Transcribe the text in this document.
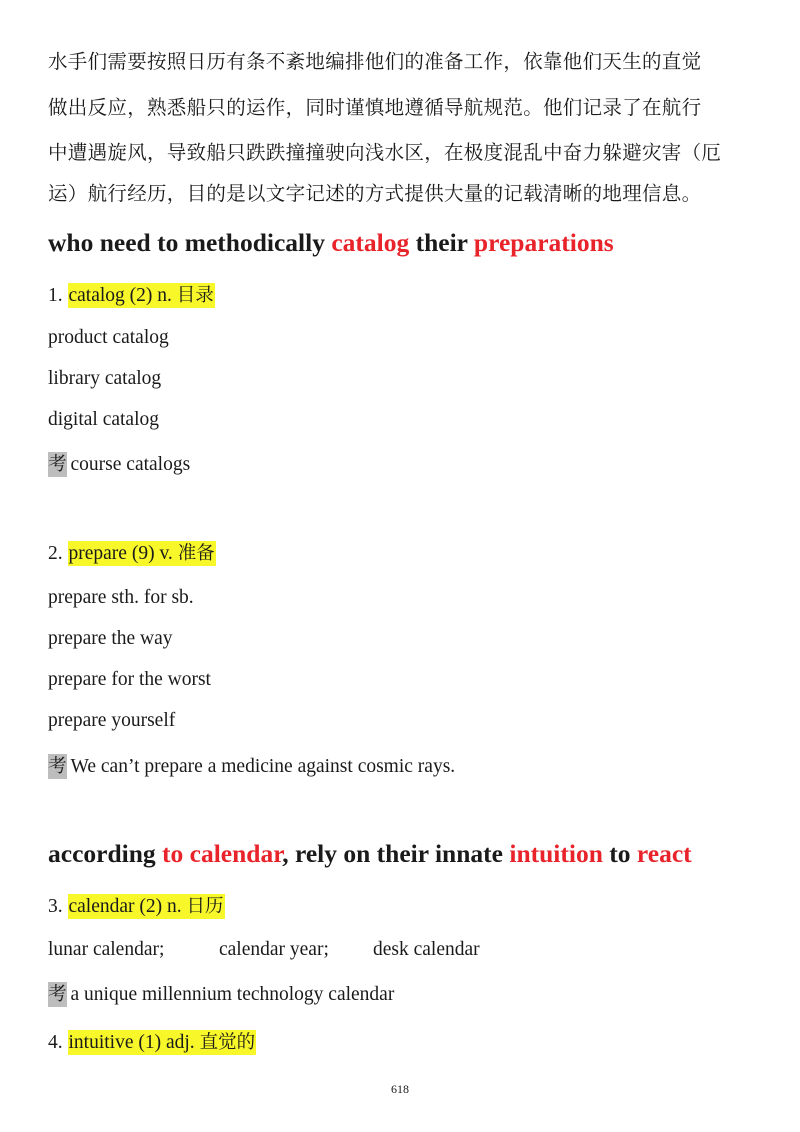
水手们需要按照日历有条不紊地编排他们的准备工作，依靠他们天生的直觉
做出反应，熟悉船只的运作，同时谨慎地遵循导航规范。他们记录了在航行
中遭遇旋风，导致船只跌跌撞撞驶向浅水区，在极度混乱中奋力躲避灾害（厄
运）航行经历，目的是以文字记述的方式提供大量的记载清晰的地理信息。
who need to methodically catalog their preparations
1. catalog (2) n. 目录
product catalog
library catalog
digital catalog
考 course catalogs
2. prepare (9) v. 准备
prepare sth. for sb.
prepare the way
prepare for the worst
prepare yourself
考 We can’t prepare a medicine against cosmic rays.
according to calendar, rely on their innate intuition to react
3. calendar (2) n. 日历
lunar calendar;	calendar year; desk calendar
考 a unique millennium technology calendar
4. intuitive (1) adj. 直觉的
618
